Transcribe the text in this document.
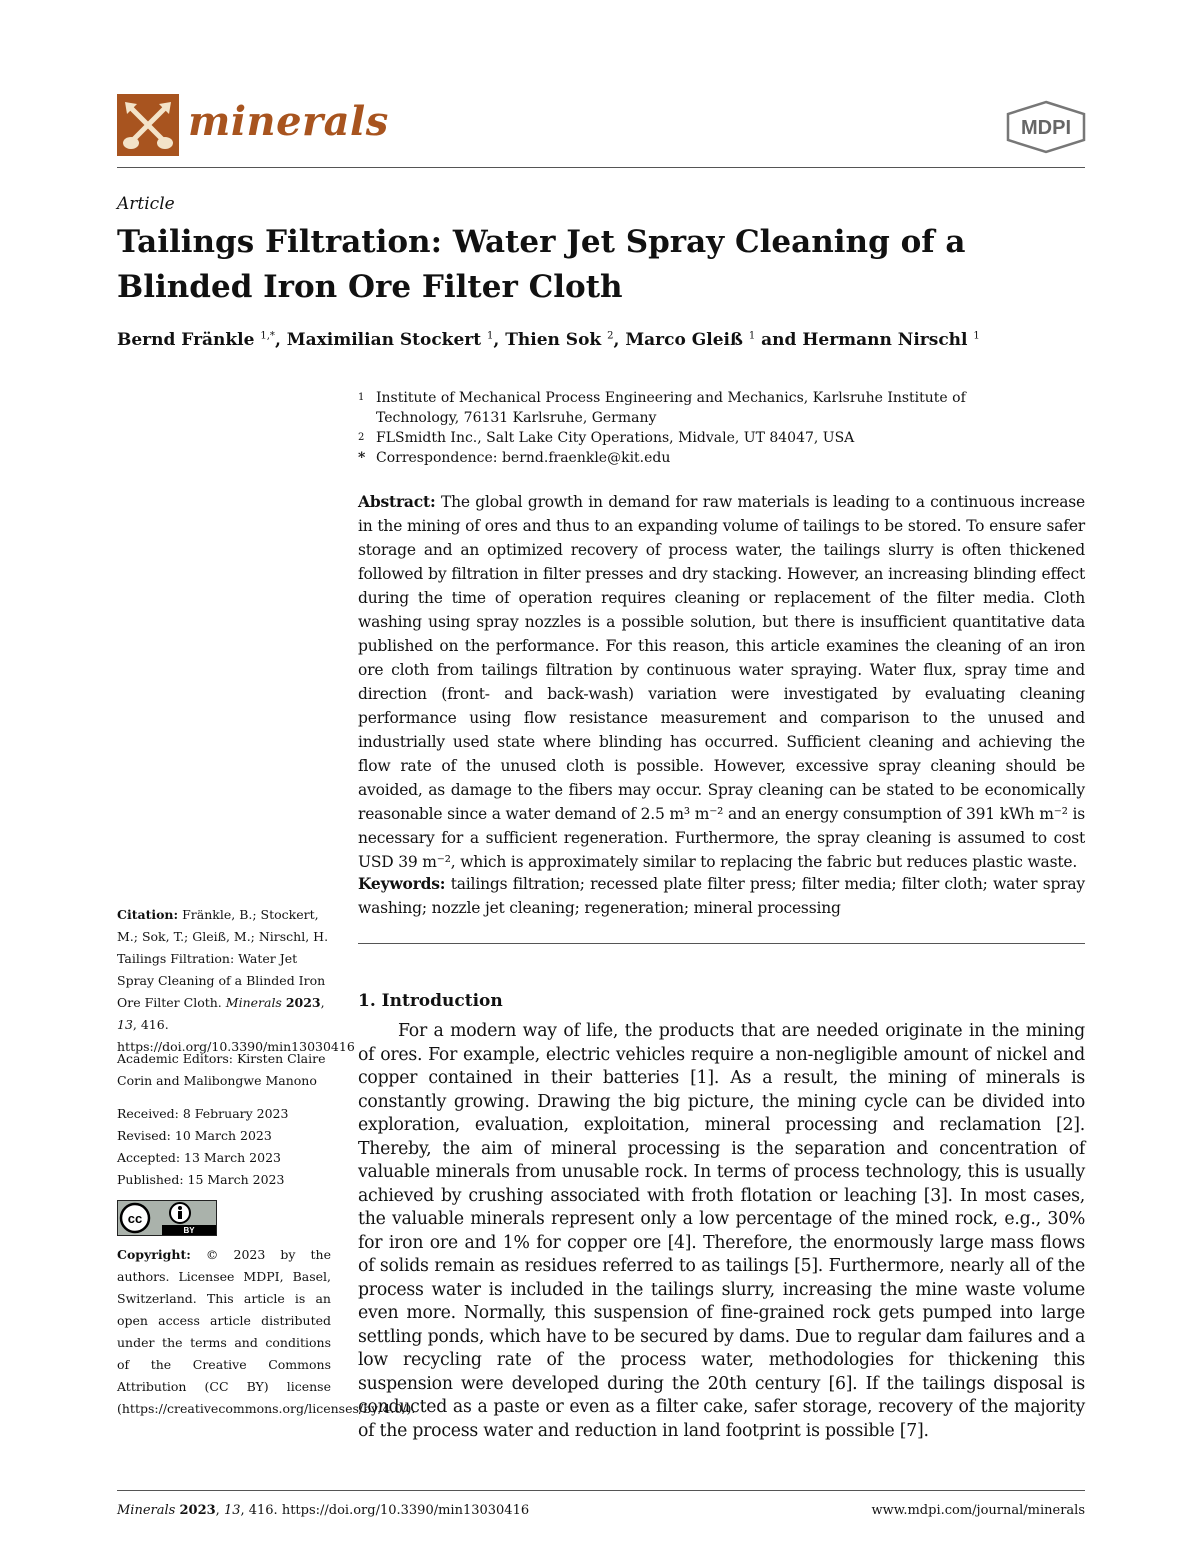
minerals	MDPI
Article
Tailings Filtration: Water Jet Spray Cleaning of a Blinded Iron Ore Filter Cloth
Bernd Fränkle $^{1,*}$, Maximilian Stockert $^1$, Thien Sok $^2$, Marco Gleiß $^1$ and Hermann Nirschl $^1$
1 Institute of Mechanical Process Engineering and Mechanics, Karlsruhe Institute of Technology, 76131 Karlsruhe, Germany
2 FLSmidth Inc., Salt Lake City Operations, Midvale, UT 84047, USA
* Correspondence: bernd.fraenkle@kit.edu
Abstract: The global growth in demand for raw materials is leading to a continuous increase in the mining of ores and thus to an expanding volume of tailings to be stored. To ensure safer storage and an optimized recovery of process water, the tailings slurry is often thickened followed by filtration in filter presses and dry stacking. However, an increasing blinding effect during the time of operation requires cleaning or replacement of the filter media. Cloth washing using spray nozzles is a possible solution, but there is insufficient quantitative data published on the performance. For this reason, this article examines the cleaning of an iron ore cloth from tailings filtration by continuous water spraying. Water flux, spray time and direction (front- and back-wash) variation were investigated by evaluating cleaning performance using flow resistance measurement and comparison to the unused and industrially used state where blinding has occurred. Sufficient cleaning and achieving the flow rate of the unused cloth is possible. However, excessive spray cleaning should be avoided, as damage to the fibers may occur. Spray cleaning can be stated to be economically reasonable since a water demand of 2.5 m³ m⁻² and an energy consumption of 391 kWh m⁻² is necessary for a sufficient regeneration. Furthermore, the spray cleaning is assumed to cost USD 39 m⁻², which is approximately similar to replacing the fabric but reduces plastic waste.
Keywords: tailings filtration; recessed plate filter press; filter media; filter cloth; water spray washing; nozzle jet cleaning; regeneration; mineral processing
1. Introduction
For a modern way of life, the products that are needed originate in the mining of ores. For example, electric vehicles require a non-negligible amount of nickel and copper contained in their batteries [1]. As a result, the mining of minerals is constantly growing. Drawing the big picture, the mining cycle can be divided into exploration, evaluation, exploitation, mineral processing and reclamation [2]. Thereby, the aim of mineral processing is the separation and concentration of valuable minerals from unusable rock. In terms of process technology, this is usually achieved by crushing associated with froth flotation or leaching [3]. In most cases, the valuable minerals represent only a low percentage of the mined rock, e.g., 30% for iron ore and 1% for copper ore [4]. Therefore, the enormously large mass flows of solids remain as residues referred to as tailings [5]. Furthermore, nearly all of the process water is included in the tailings slurry, increasing the mine waste volume even more. Normally, this suspension of fine-grained rock gets pumped into large settling ponds, which have to be secured by dams. Due to regular dam failures and a low recycling rate of the process water, methodologies for thickening this suspension were developed during the 20th century [6]. If the tailings disposal is conducted as a paste or even as a filter cake, safer storage, recovery of the majority of the process water and reduction in land footprint is possible [7].
Citation: Fränkle, B.; Stockert, M.; Sok, T.; Gleiß, M.; Nirschl, H. Tailings Filtration: Water Jet Spray Cleaning of a Blinded Iron Ore Filter Cloth. Minerals 2023, 13, 416. https://doi.org/10.3390/min13030416
Academic Editors: Kirsten Claire Corin and Malibongwe Manono
Received: 8 February 2023
Revised: 10 March 2023
Accepted: 13 March 2023
Published: 15 March 2023
cc
BY
Copyright: © 2023 by the authors. Licensee MDPI, Basel, Switzerland. This article is an open access article distributed under the terms and conditions of the Creative Commons Attribution (CC BY) license (https://creativecommons.org/licenses/by/4.0/).
Minerals 2023, 13, 416. https://doi.org/10.3390/min13030416	www.mdpi.com/journal/minerals
